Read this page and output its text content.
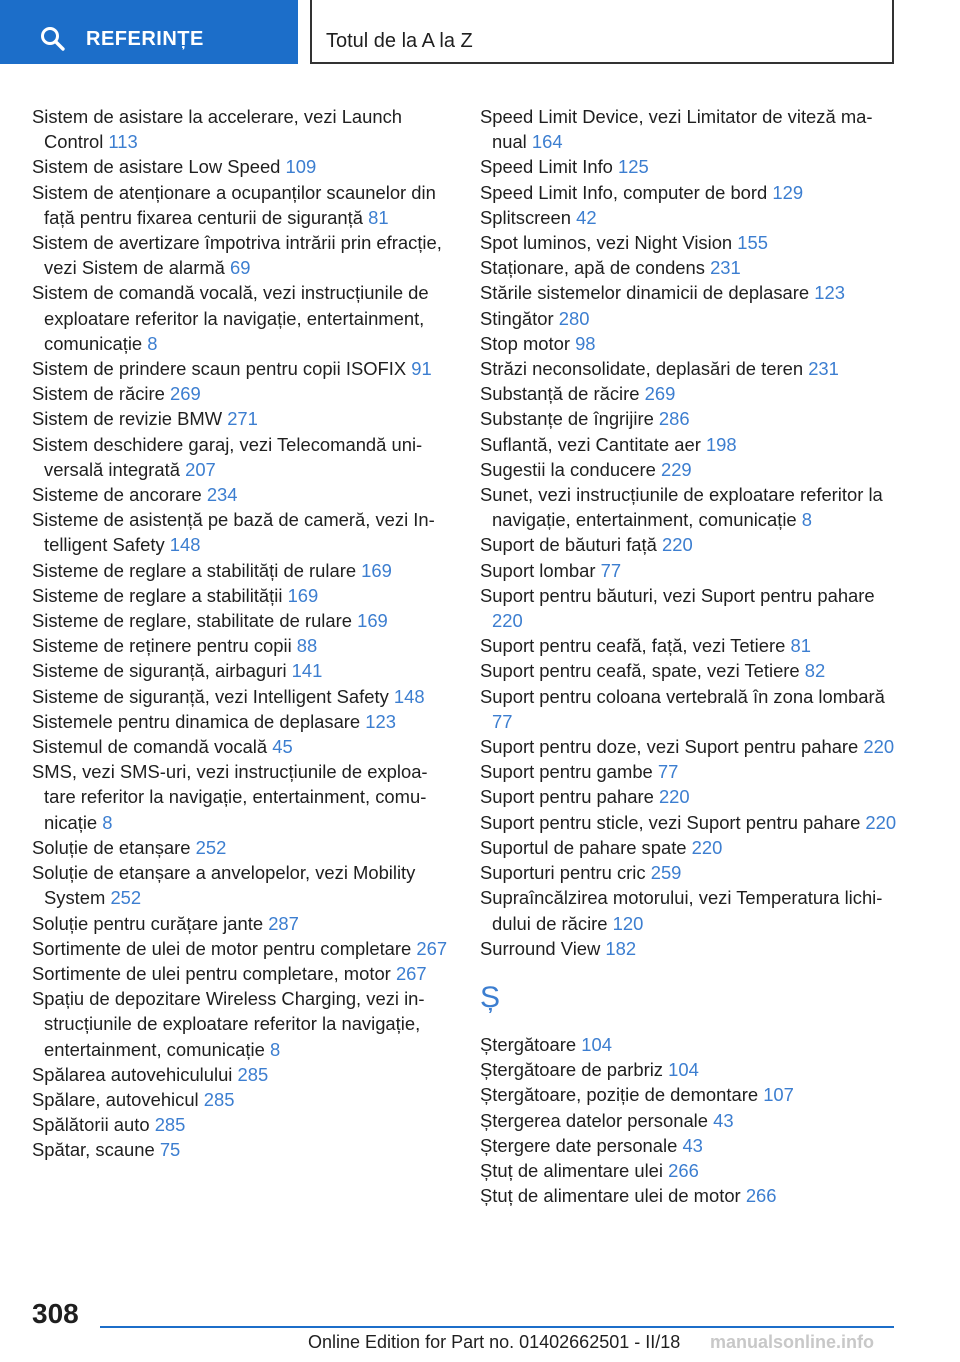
REFERINȚE	Totul de la A la Z
Sistem de asistare la accelerare, vezi Launch Control 113
Sistem de asistare Low Speed 109
Sistem de atenționare a ocupanților scaunelor din față pentru fixarea centurii de siguranță 81
Sistem de avertizare împotriva intrării prin efracție, vezi Sistem de alarmă 69
Sistem de comandă vocală, vezi instrucțiunile de exploatare referitor la navigație, entertainment, comunicație 8
Sistem de prindere scaun pentru copii ISOFIX 91
Sistem de răcire 269
Sistem de revizie BMW 271
Sistem deschidere garaj, vezi Telecomandă universală integrată 207
Sisteme de ancorare 234
Sisteme de asistență pe bază de cameră, vezi Intelligent Safety 148
Sisteme de reglare a stabilități de rulare 169
Sisteme de reglare a stabilității 169
Sisteme de reglare, stabilitate de rulare 169
Sisteme de reținere pentru copii 88
Sisteme de siguranță, airbaguri 141
Sisteme de siguranță, vezi Intelligent Safety 148
Sistemele pentru dinamica de deplasare 123
Sistemul de comandă vocală 45
SMS, vezi SMS-uri, vezi instrucțiunile de exploatare referitor la navigație, entertainment, comunicație 8
Soluție de etanșare 252
Soluție de etanșare a anvelopelor, vezi Mobility System 252
Soluție pentru curățare jante 287
Sortimente de ulei de motor pentru completare 267
Sortimente de ulei pentru completare, motor 267
Spațiu de depozitare Wireless Charging, vezi instrucțiunile de exploatare referitor la navigație, entertainment, comunicație 8
Spălarea autovehiculului 285
Spălare, autovehicul 285
Spălătorii auto 285
Spătar, scaune 75
Speed Limit Device, vezi Limitator de viteză manual 164
Speed Limit Info 125
Speed Limit Info, computer de bord 129
Splitscreen 42
Spot luminos, vezi Night Vision 155
Staționare, apă de condens 231
Stările sistemelor dinamicii de deplasare 123
Stingător 280
Stop motor 98
Străzi neconsolidate, deplasări de teren 231
Substanță de răcire 269
Substanțe de îngrijire 286
Suflantă, vezi Cantitate aer 198
Sugestii la conducere 229
Sunet, vezi instrucțiunile de exploatare referitor la navigație, entertainment, comunicație 8
Suport de băuturi față 220
Suport lombar 77
Suport pentru băuturi, vezi Suport pentru pahare 220
Suport pentru ceafă, față, vezi Tetiere 81
Suport pentru ceafă, spate, vezi Tetiere 82
Suport pentru coloana vertebrală în zona lombară 77
Suport pentru doze, vezi Suport pentru pahare 220
Suport pentru gambe 77
Suport pentru pahare 220
Suport pentru sticle, vezi Suport pentru pahare 220
Suportul de pahare spate 220
Suporturi pentru cric 259
Supraîncălzirea motorului, vezi Temperatura lichidului de răcire 120
Surround View 182
Ș
Ștergătoare 104
Ștergătoare de parbriz 104
Ștergătoare, poziție de demontare 107
Ștergerea datelor personale 43
Ștergere date personale 43
Ștuț de alimentare ulei 266
Ștuț de alimentare ulei de motor 266
308
Online Edition for Part no. 01402662501 - II/18 manualsonline.info
